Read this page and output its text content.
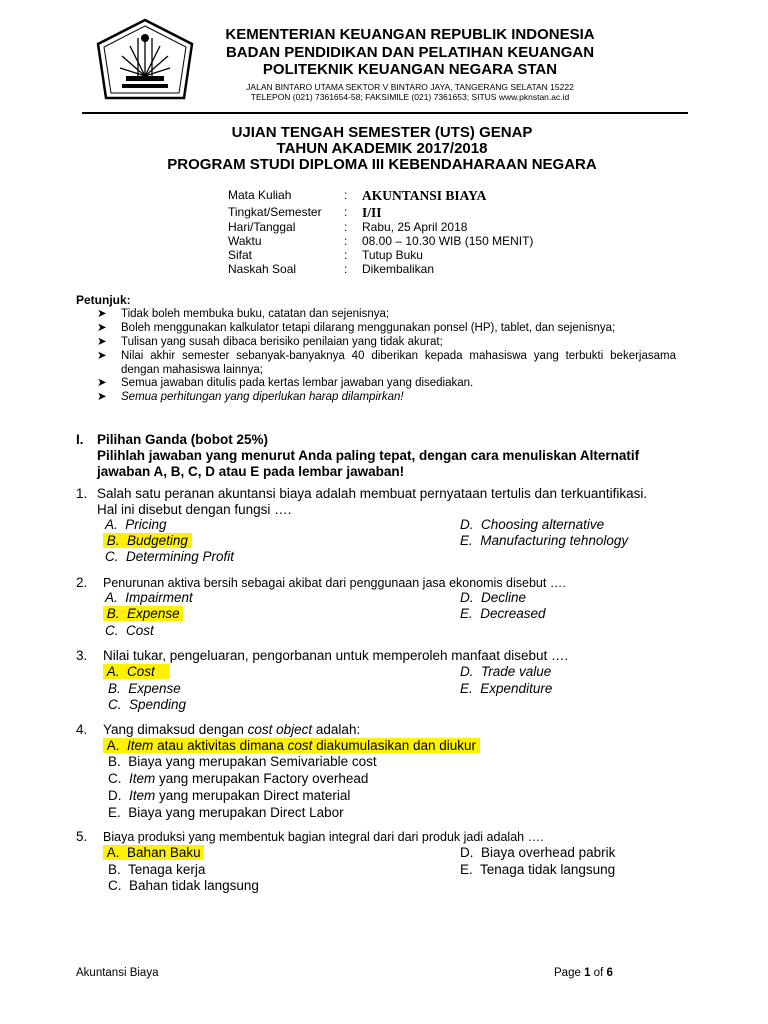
KEMENTERIAN KEUANGAN REPUBLIK INDONESIA
BADAN PENDIDIKAN DAN PELATIHAN KEUANGAN
POLITEKNIK KEUANGAN NEGARA STAN
JALAN BINTARO UTAMA SEKTOR V BINTARO JAYA, TANGERANG SELATAN 15222
TELEPON (021) 7361654-58; FAKSIMILE (021) 7361653; SITUS www.pknstan.ac.id
UJIAN TENGAH SEMESTER (UTS) GENAP
TAHUN AKADEMIK 2017/2018
PROGRAM STUDI DIPLOMA III KEBENDAHARAAN NEGARA
Mata Kuliah	: AKUNTANSI BIAYA
Tingkat/Semester : I/II
Hari/Tanggal	: Rabu, 25 April 2018
Waktu	: 08.00 – 10.30 WIB (150 MENIT)
Sifat	: Tutup Buku
Naskah Soal	: Dikembalikan
Petunjuk:
➤ Tidak boleh membuka buku, catatan dan sejenisnya;
➤ Boleh menggunakan kalkulator tetapi dilarang menggunakan ponsel (HP), tablet, dan sejenisnya;
➤ Tulisan yang susah dibaca berisiko penilaian yang tidak akurat;
➤ Nilai akhir semester sebanyak-banyaknya 40 diberikan kepada mahasiswa yang terbukti bekerjasama dengan mahasiswa lainnya;
➤ Semua jawaban ditulis pada kertas lembar jawaban yang disediakan.
➤ Semua perhitungan yang diperlukan harap dilampirkan!
I. Pilihan Ganda (bobot 25%)
Pilihlah jawaban yang menurut Anda paling tepat, dengan cara menuliskan Alternatif jawaban A, B, C, D atau E pada lembar jawaban!
1. Salah satu peranan akuntansi biaya adalah membuat pernyataan tertulis dan terkuantifikasi.
Hal ini disebut dengan fungsi ….
A. Pricing
B. Budgeting
C. Determining Profit
D. Choosing alternative
E. Manufacturing tehnology
2. Penurunan aktiva bersih sebagai akibat dari penggunaan jasa ekonomis disebut ….
A. Impairment
B. Expense
C. Cost
D. Decline
E. Decreased
3. Nilai tukar, pengeluaran, pengorbanan untuk memperoleh manfaat disebut ….
A. Cost
B. Expense
C. Spending
D. Trade value
E. Expenditure
4. Yang dimaksud dengan cost object adalah:
A. Item atau aktivitas dimana cost diakumulasikan dan diukur
B. Biaya yang merupakan Semivariable cost
C. Item yang merupakan Factory overhead
D. Item yang merupakan Direct material
E. Biaya yang merupakan Direct Labor
5. Biaya produksi yang membentuk bagian integral dari dari produk jadi adalah ….
A. Bahan Baku
B. Tenaga kerja
C. Bahan tidak langsung
D. Biaya overhead pabrik
E. Tenaga tidak langsung
Akuntansi Biaya	Page 1 of 6
